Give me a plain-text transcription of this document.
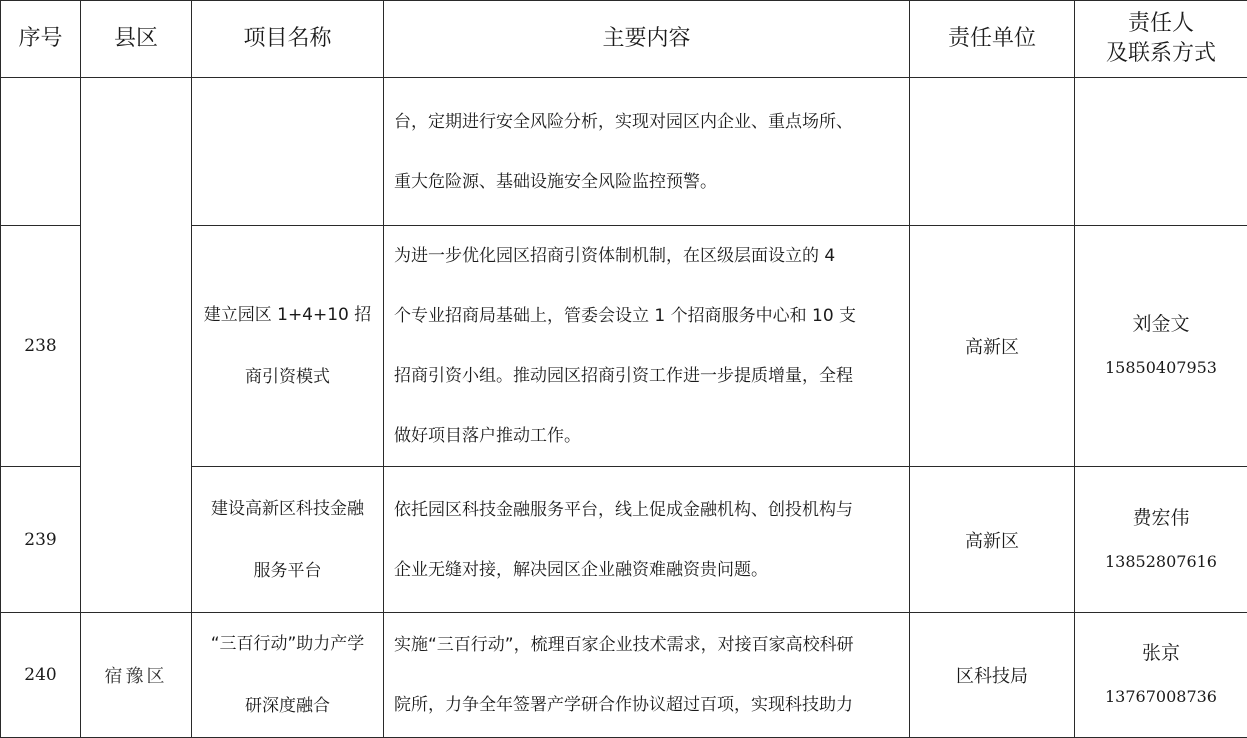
序号	县区	项目名称	主要内容	责任单位	责任人
及联系方式

			台，定期进行安全风险分析，实现对园区内企业、重点场所、
重大危险源、基础设施安全风险监控预警。		

238		建立园区 1+4+10 招
商引资模式	为进一步优化园区招商引资体制机制，在区级层面设立的 4
个专业招商局基础上，管委会设立 1 个招商服务中心和 10 支
招商引资小组。推动园区招商引资工作进一步提质增量，全程
做好项目落户推动工作。	高新区	刘金文
15850407953

239		建设高新区科技金融
服务平台	依托园区科技金融服务平台，线上促成金融机构、创投机构与
企业无缝对接，解决园区企业融资难融资贵问题。	高新区	费宏伟
13852807616

240	宿豫区	“三百行动”助力产学
研深度融合	实施“三百行动”，梳理百家企业技术需求，对接百家高校科研
院所，力争全年签署产学研合作协议超过百项，实现科技助力	区科技局	张京
13767008736
